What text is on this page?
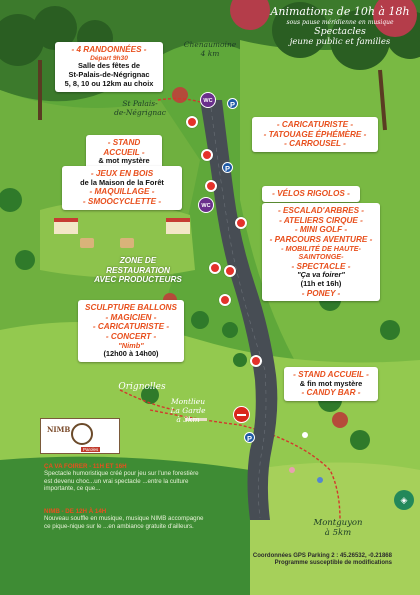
Animations de 10h à 18h
sous pause méridienne en musique
Spectacles
jeune public et familles
Chenaumoine
4 km
St Palais-
de-Négrignac
Orignolles
Montlieu
La Garde
à 3km
Montguyon
à 5km
- 4 RANDONNÉES -
Départ 9h30
Salle des fêtes de
St-Palais-de-Négrignac
5, 8, 10 ou 12km au choix
- CARICATURISTE -
- TATOUAGE ÉPHÉMÈRE -
- CARROUSEL -
- STAND ACCUEIL -
& mot mystère
- JEUX EN BOIS
de la Maison de la Forêt
- MAQUILLAGE -
- SMOOCYCLETTE -
- VÉLOS RIGOLOS -
- ESCALAD'ARBRES -
- ATELIERS CIRQUE -
- MINI GOLF -
- PARCOURS AVENTURE -
- MOBILITÉ DE HAUTE-SAINTONGE-
- SPECTACLE -
"Ça va foirer"
(11h et 16h)
- PONEY -
SCULPTURE BALLONS
- MAGICIEN -
- CARICATURISTE -
- CONCERT -
"Nimb"
(12h00 à 14h00)
- STAND ACCUEIL -
& fin mot mystère
- CANDY BAR -
ZONE DE
RESTAURATION
AVEC PRODUCTEURS
WC	P
P
WC
P
NIMB
Paroles
ÇA VA FOIRER - 11H ET 16H
Spectacle humoristique créé pour jeu sur l'une forestière est devenu choc...un vrai spectacle ...entre la culture importante, ce que...
NIMB - DE 12H À 14H
Nouveau souffle en musique, musique NIMB accompagne ce pique-nique sur le ...en ambiance gratuite d'ailleurs.
Coordonnées GPS Parking 2 : 45.26532, -0.21868
Programme susceptible de modifications
◈
